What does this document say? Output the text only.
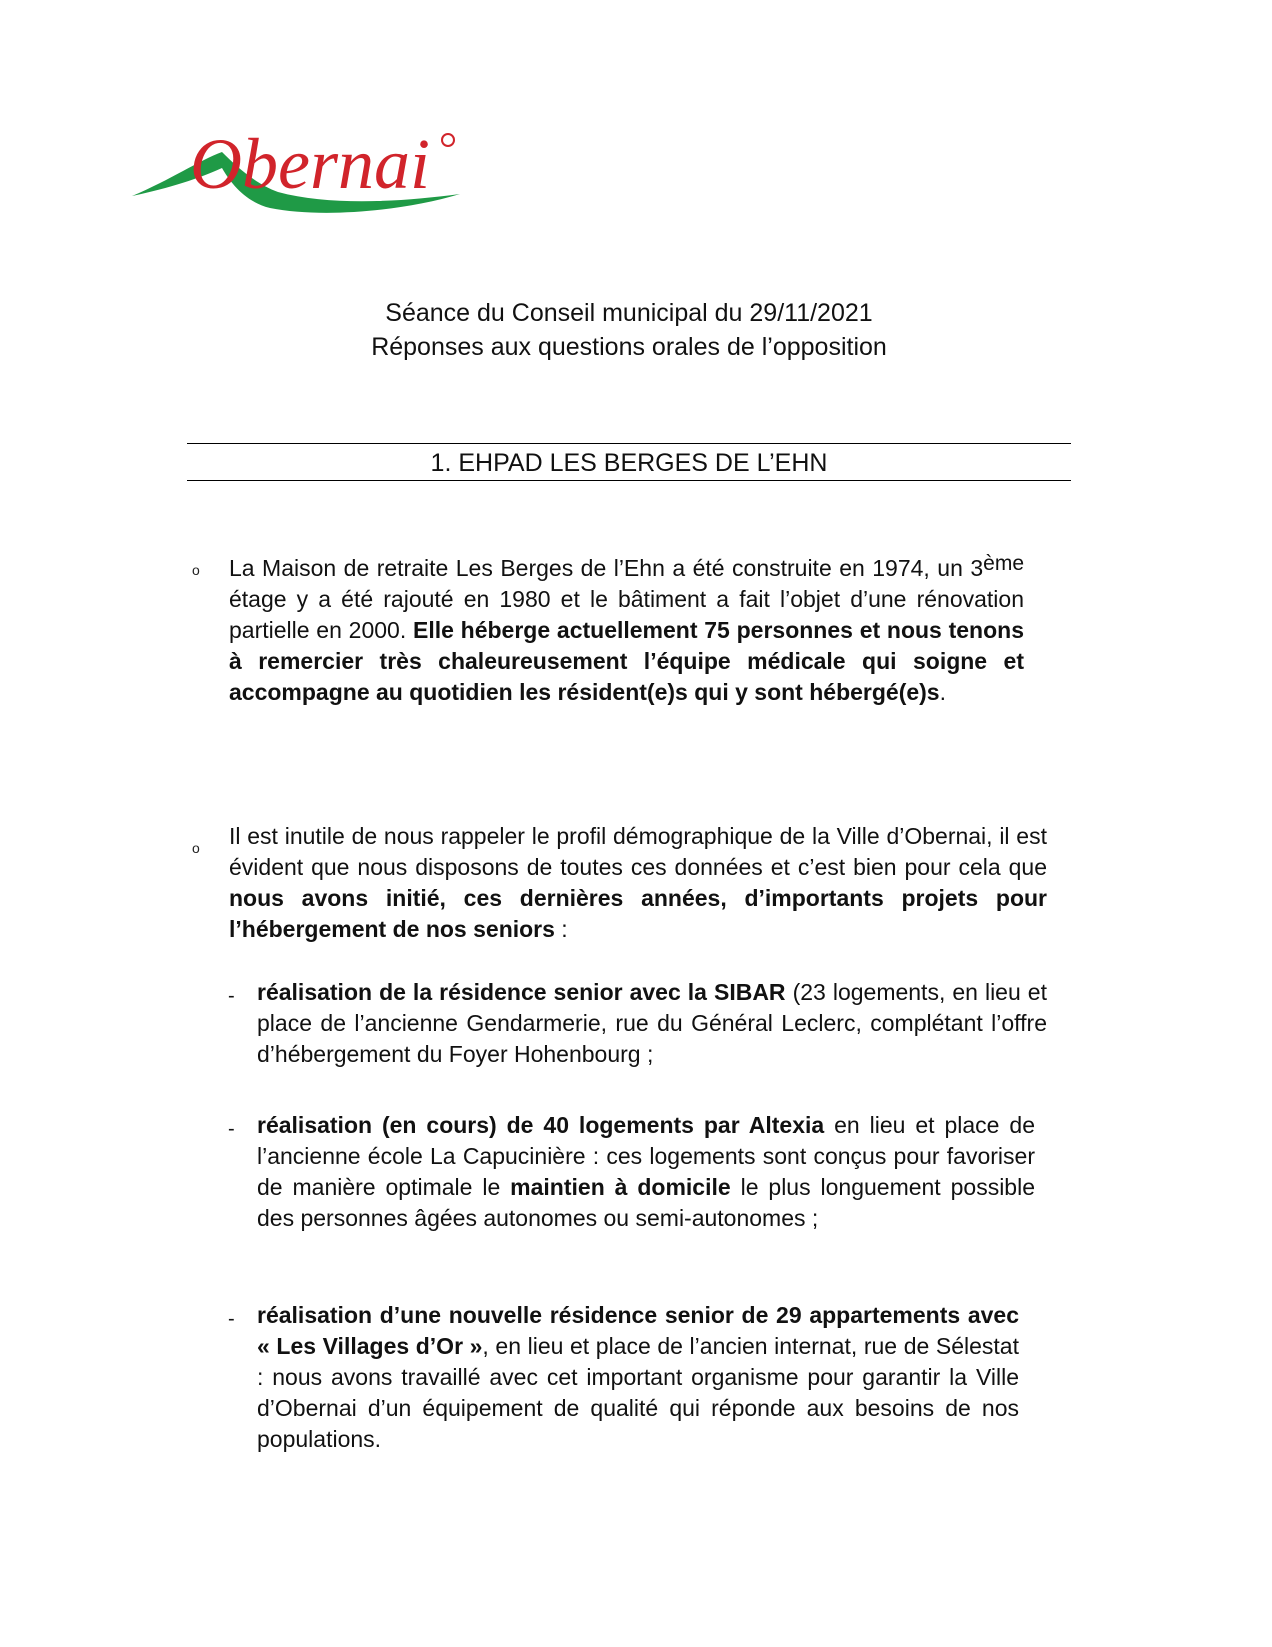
Obernai
Séance du Conseil municipal du 29/11/2021
Réponses aux questions orales de l’opposition
1. EHPAD LES BERGES DE L’EHN
o La Maison de retraite Les Berges de l’Ehn a été construite en 1974, un 3ème étage y a été rajouté en 1980 et le bâtiment a fait l’objet d’une rénovation partielle en 2000. Elle héberge actuellement 75 personnes et nous tenons à remercier très chaleureusement l’équipe médicale qui soigne et accompagne au quotidien les résident(e)s qui y sont hébergé(e)s.
o Il est inutile de nous rappeler le profil démographique de la Ville d’Obernai, il est évident que nous disposons de toutes ces données et c’est bien pour cela que nous avons initié, ces dernières années, d’importants projets pour l’hébergement de nos seniors :
- réalisation de la résidence senior avec la SIBAR (23 logements, en lieu et place de l’ancienne Gendarmerie, rue du Général Leclerc, complétant l’offre d’hébergement du Foyer Hohenbourg ;
- réalisation (en cours) de 40 logements par Altexia en lieu et place de l’ancienne école La Capucinière : ces logements sont conçus pour favoriser de manière optimale le maintien à domicile le plus longuement possible des personnes âgées autonomes ou semi-autonomes ;
- réalisation d’une nouvelle résidence senior de 29 appartements avec « Les Villages d’Or », en lieu et place de l’ancien internat, rue de Sélestat : nous avons travaillé avec cet important organisme pour garantir la Ville d’Obernai d’un équipement de qualité qui réponde aux besoins de nos populations.
